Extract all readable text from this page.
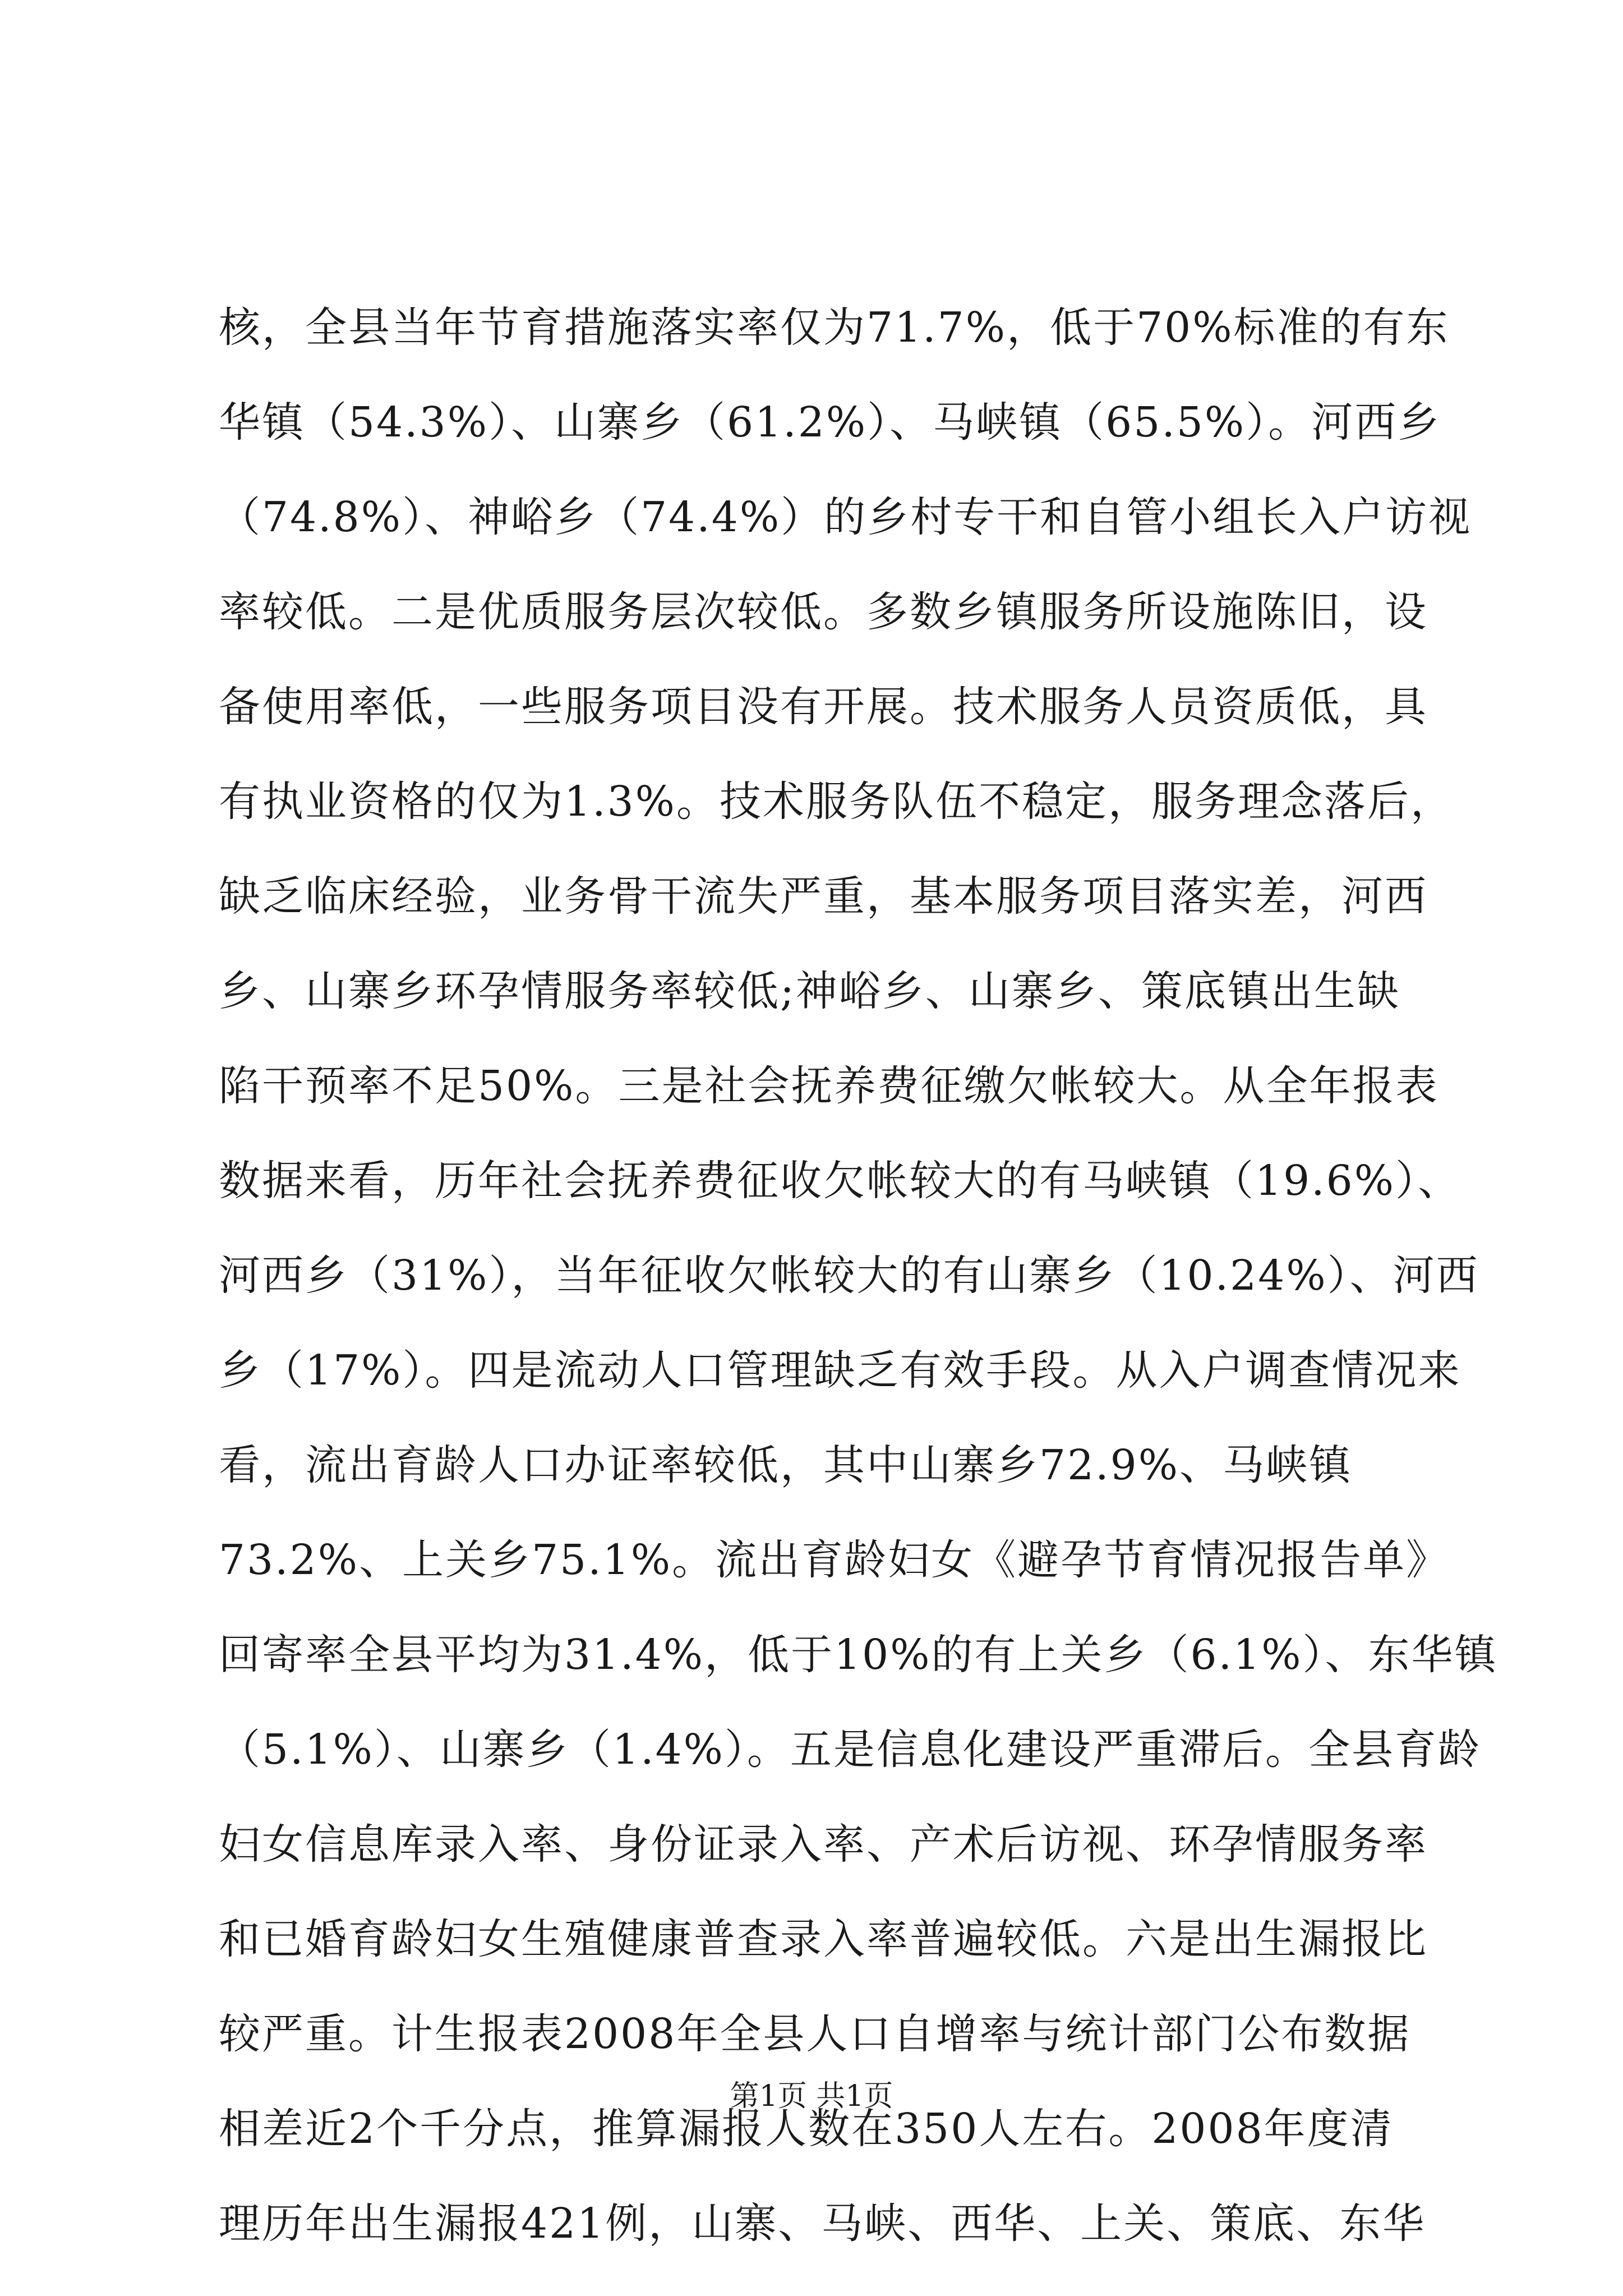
核，全县当年节育措施落实率仅为71.7%，低于70%标准的有东
华镇（54.3%）、山寨乡（61.2%）、马峡镇（65.5%）。河西乡
（74.8%）、神峪乡（74.4%）的乡村专干和自管小组长入户访视
率较低。二是优质服务层次较低。多数乡镇服务所设施陈旧，设
备使用率低，一些服务项目没有开展。技术服务人员资质低，具
有执业资格的仅为1.3%。技术服务队伍不稳定，服务理念落后，
缺乏临床经验，业务骨干流失严重，基本服务项目落实差，河西
乡、山寨乡环孕情服务率较低;神峪乡、山寨乡、策底镇出生缺
陷干预率不足50%。三是社会抚养费征缴欠帐较大。从全年报表
数据来看，历年社会抚养费征收欠帐较大的有马峡镇（19.6%）、
河西乡（31%），当年征收欠帐较大的有山寨乡（10.24%）、河西
乡（17%）。四是流动人口管理缺乏有效手段。从入户调查情况来
看，流出育龄人口办证率较低，其中山寨乡72.9%、马峡镇
73.2%、上关乡75.1%。流出育龄妇女《避孕节育情况报告单》
回寄率全县平均为31.4%，低于10%的有上关乡（6.1%）、东华镇
（5.1%）、山寨乡（1.4%）。五是信息化建设严重滞后。全县育龄
妇女信息库录入率、身份证录入率、产术后访视、环孕情服务率
和已婚育龄妇女生殖健康普查录入率普遍较低。六是出生漏报比
较严重。计生报表2008年全县人口自增率与统计部门公布数据
相差近2个千分点，推算漏报人数在350人左右。2008年度清
理历年出生漏报421例，山寨、马峡、西华、上关、策底、东华
第1页 共1页
